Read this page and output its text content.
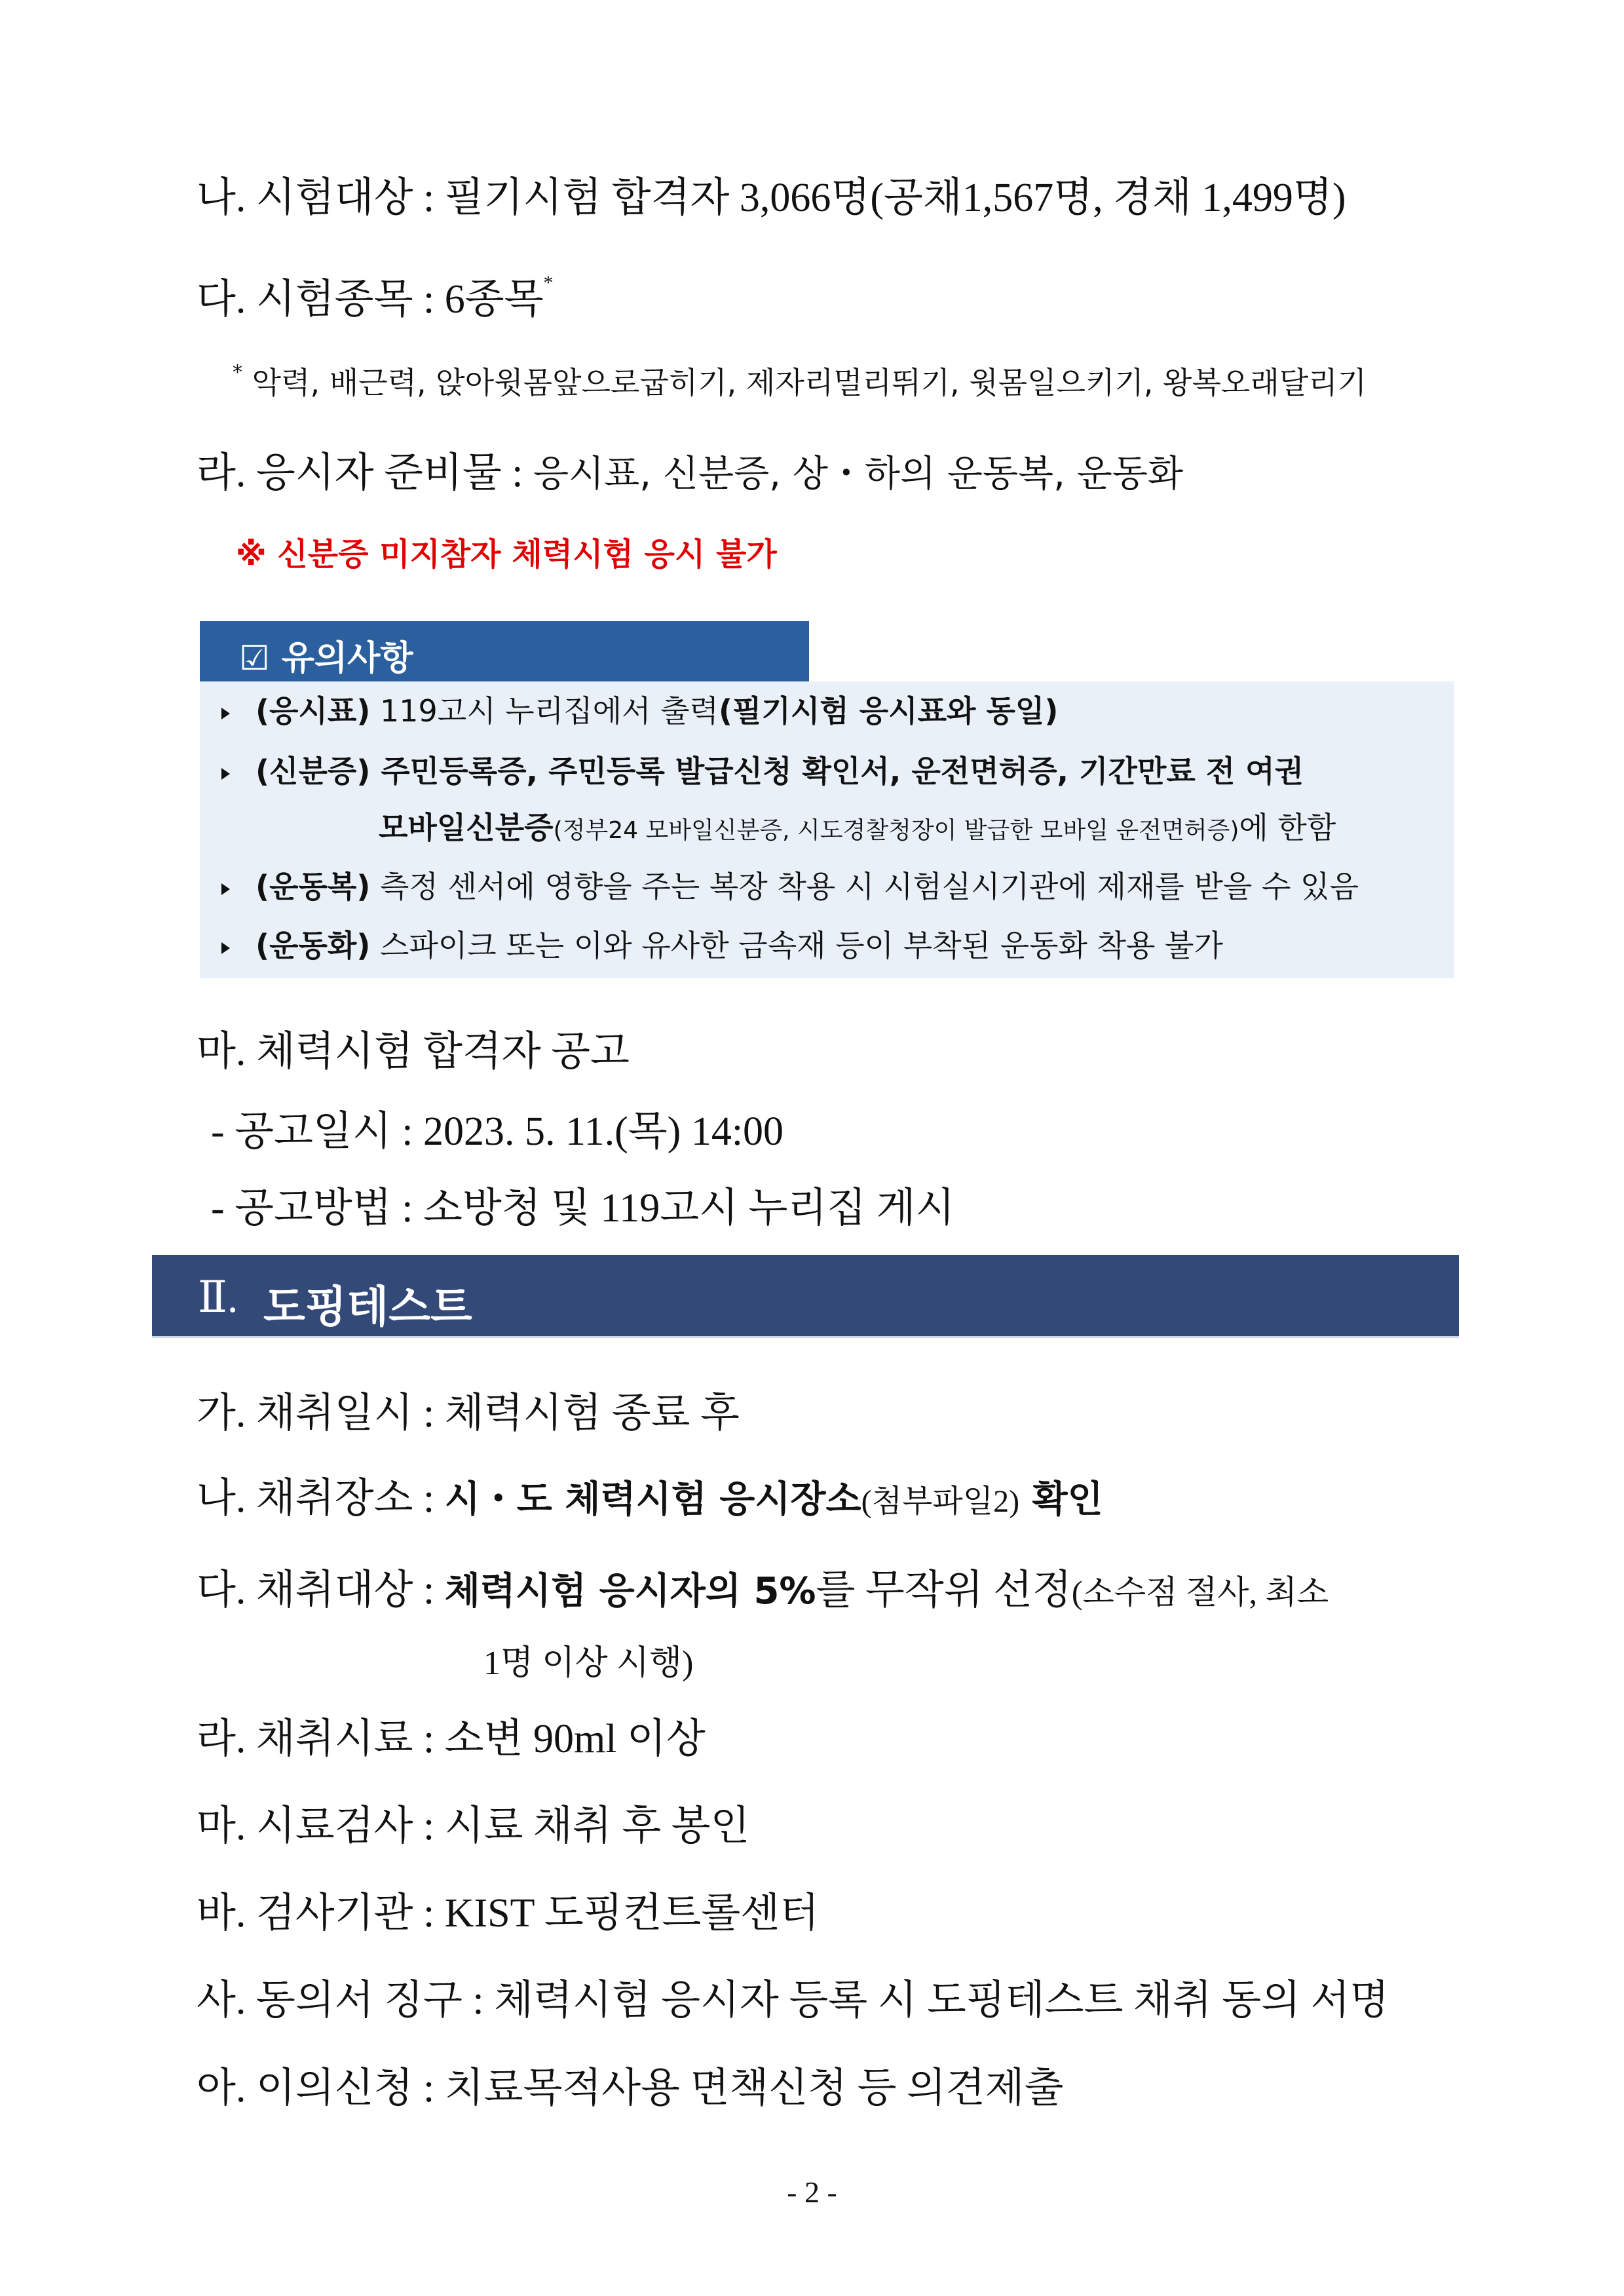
나. 시험대상 : 필기시험 합격자 3,066명(공채1,567명, 경채 1,499명)
다. 시험종목 : 6종목*
* 악력, 배근력, 앉아윗몸앞으로굽히기, 제자리멀리뛰기, 윗몸일으키기, 왕복오래달리기
라. 응시자 준비물 : 응시표, 신분증, 상・하의 운동복, 운동화
※ 신분증 미지참자 체력시험 응시 불가
☑ 유의사항
(응시표) 119고시 누리집에서 출력(필기시험 응시표와 동일)
(신분증) 주민등록증, 주민등록 발급신청 확인서, 운전면허증, 기간만료 전 여권
모바일신분증(정부24 모바일신분증, 시도경찰청장이 발급한 모바일 운전면허증)에 한함
(운동복) 측정 센서에 영향을 주는 복장 착용 시 시험실시기관에 제재를 받을 수 있음
(운동화) 스파이크 또는 이와 유사한 금속재 등이 부착된 운동화 착용 불가
마. 체력시험 합격자 공고
- 공고일시 : 2023. 5. 11.(목) 14:00
- 공고방법 : 소방청 및 119고시 누리집 게시
Ⅱ. 도핑테스트
가. 채취일시 : 체력시험 종료 후
나. 채취장소 : 시・도 체력시험 응시장소(첨부파일2) 확인
다. 채취대상 : 체력시험 응시자의 5%를 무작위 선정(소수점 절사, 최소
1명 이상 시행)
라. 채취시료 : 소변 90ml 이상
마. 시료검사 : 시료 채취 후 봉인
바. 검사기관 : KIST 도핑컨트롤센터
사. 동의서 징구 : 체력시험 응시자 등록 시 도핑테스트 채취 동의 서명
아. 이의신청 : 치료목적사용 면책신청 등 의견제출
- 2 -
